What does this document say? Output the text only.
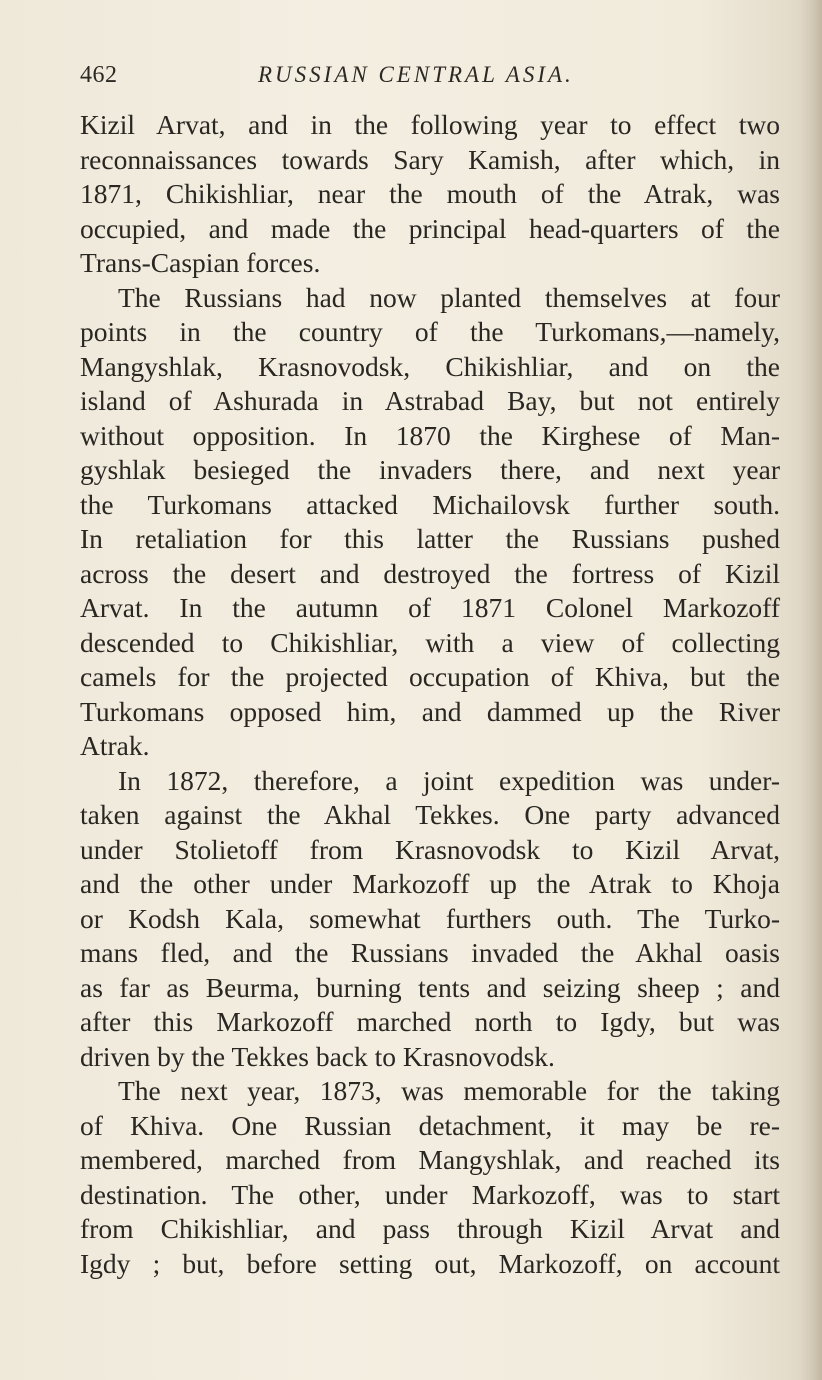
462	RUSSIAN CENTRAL ASIA.
Kizil Arvat, and in the following year to effect two
reconnaissances towards Sary Kamish, after which, in
1871, Chikishliar, near the mouth of the Atrak, was
occupied, and made the principal head-quarters of the
Trans-Caspian forces.
The Russians had now planted themselves at four
points in the country of the Turkomans,—namely,
Mangyshlak, Krasnovodsk, Chikishliar, and on the
island of Ashurada in Astrabad Bay, but not entirely
without opposition. In 1870 the Kirghese of Man-
gyshlak besieged the invaders there, and next year
the Turkomans attacked Michailovsk further south.
In retaliation for this latter the Russians pushed
across the desert and destroyed the fortress of Kizil
Arvat. In the autumn of 1871 Colonel Markozoff
descended to Chikishliar, with a view of collecting
camels for the projected occupation of Khiva, but the
Turkomans opposed him, and dammed up the River
Atrak.
In 1872, therefore, a joint expedition was under-
taken against the Akhal Tekkes. One party advanced
under Stolietoff from Krasnovodsk to Kizil Arvat,
and the other under Markozoff up the Atrak to Khoja
or Kodsh Kala, somewhat furthers outh. The Turko-
mans fled, and the Russians invaded the Akhal oasis
as far as Beurma, burning tents and seizing sheep ; and
after this Markozoff marched north to Igdy, but was
driven by the Tekkes back to Krasnovodsk.
The next year, 1873, was memorable for the taking
of Khiva. One Russian detachment, it may be re-
membered, marched from Mangyshlak, and reached its
destination. The other, under Markozoff, was to start
from Chikishliar, and pass through Kizil Arvat and
Igdy ; but, before setting out, Markozoff, on account
